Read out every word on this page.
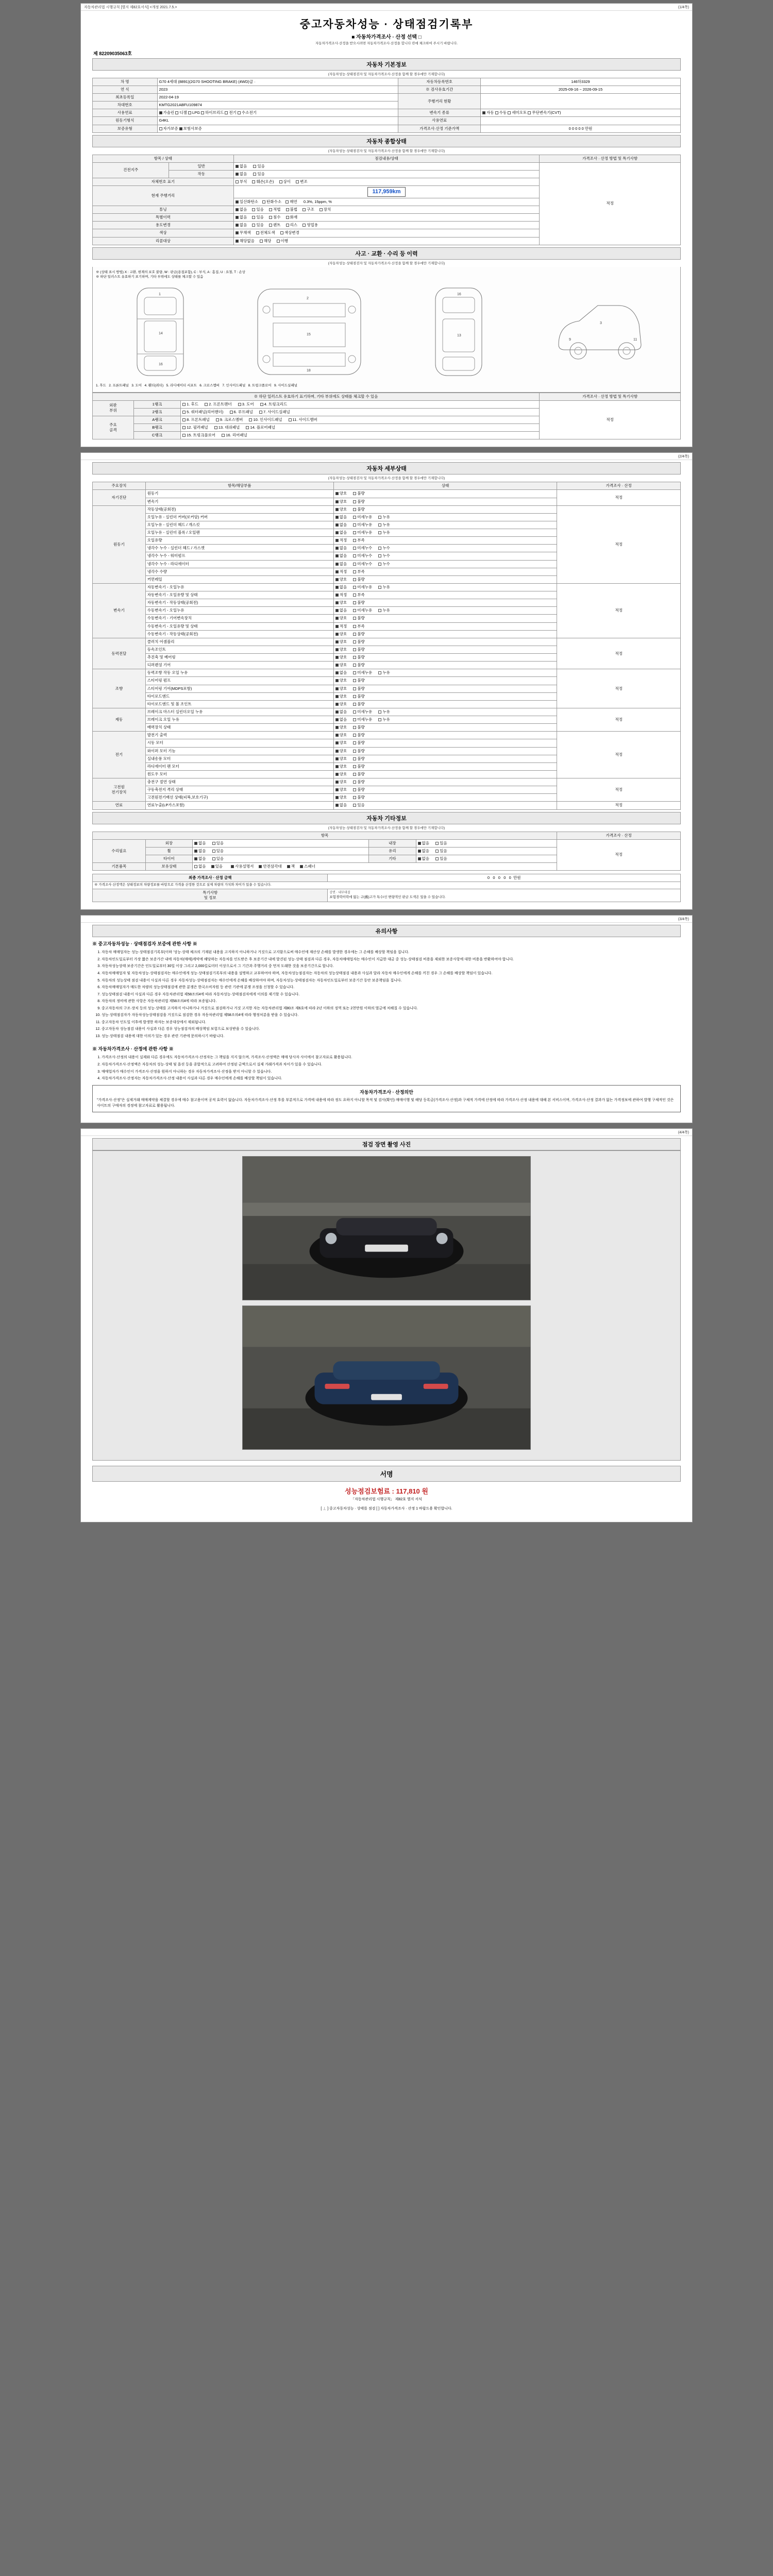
자동차관리법 시행규칙 [별지 제82호서식] <개정 2021.7.5.>	(1/4쪽)
중고자동차성능 · 상태점검기록부
■ 자동차가격조사 · 산정 선택 □
자동차가격조사·산정을 받으시려면 자동차가격조사·산정을 합니다 란에 체크하여 주시기 바랍니다.
제 82209035063호
자동차 기본정보
(자동차성능·상태점검자 및 자동차가격조사·산정을 함께 할 경우에만 기재합니다)
차 명	G70 4세대 (8891)(2G70 SHOOTING BRAKE) (4WD)급 ·	자동차등록번호	146하3329
연 식	2023	※ 검사유효기간	2025-09-16 ~ 2026-09-15
최초등록일	2022-04-19	주행거리 현황	
차대번호	KMTG2021ABFU109874		
사용연료	가솔린 디젤 LPG 하이브리드 전기 수소전기	변속기 종류	자동 수동 세미오토 무단변속기(CVT)
원동기형식	G4KL	사용연료	
보증유형	자가보증 보험사보증	가격조사·산정 기준가액	0 0 0 0 0 만원
자동차 종합상태
(자동차성능·상태점검자 및 자동차가격조사·산정을 함께 할 경우에만 기재합니다)
항목 / 상태		점검내용/상태	가격조사 · 산정 방법 및 특기사항
건전지주	일반	없음 있음	적정
	작동	없음 있음	
자체번호 표기		부식 훼손(오손) 상이 변조	
현재 주행거리		117,959km	
		일산화탄소 탄화수소 매연 0.3%, 15ppm, %	
튜닝		없음 있음 적법 불법 구조 장치	
특별이력		없음 있음 침수 화재	
용도변경		없음 있음 렌트 리스 영업용	
색상		무채색 전체도색 색상변경	
리콜대상		해당없음 해당 이행	
사고 · 교환 · 수리 등 이력
(자동차성능·상태점검자 및 자동차가격조사·산정을 함께 할 경우에만 기재합니다)
※ (상태 표시 방법) X : 교환, 현재의 보호 불량, W : 판금(용접포함), C : 부식, A : 흠집, U : 요철, T : 손상
※ 하단 일러스트 유효하기 표기하며, 기타 부위에도 상태를 체크할 수 있음
1
14
16
2
15
18
16
13
3
9	11
1. 후드 2. 프론트패널 3. 도어 4. 휀더(쿼터) 5. 라디에이터 서포트 6. 크로스멤버 7. 인사이드패널 8. 트렁크플로어 9. 사이드실패널
※ 하단 일러스트 유효하기 표기하며, 기타 부위에도 상태를 체크할 수 있음			가격조사 · 산정 방법 및 특기사항
외판
부위	1랭크	1. 후드 2. 프론트팬더 3. 도어 4. 트렁크리드	적정
	2랭크	5. 쿼터패널(리어팬더) 6. 루프패널 7. 사이드실패널	
주요
골격	A랭크	8. 프론트패널 9. 크로스멤버 10. 인사이드패널 11. 사이드멤버	
	B랭크	12. 필러패널 13. 대쉬패널 14. 플로어패널	
	C랭크	15. 트렁크플로어 16. 리어패널	
(2/4쪽)
자동차 세부상태
(자동차성능·상태점검자 및 자동차가격조사·산정을 함께 할 경우에만 기재합니다)
주요장치	항목/해당부품	상태	가격조사 · 산정
자기진단	원동기	양호 불량	적정
	변속기	양호 불량	
원동기	작동상태(공회전)	양호 불량	적정
	오일누유 - 실린더 커버(로커암) 커버	없음 미세누유 누유	
	오일누유 - 실린더 헤드 / 개스킷	없음 미세누유 누유	
	오일누유 - 실린더 블록 / 오일팬	없음 미세누유 누유	
	오일유량	적정 부족	
	냉각수 누수 - 실린더 헤드 / 가스켓	없음 미세누수 누수	
	냉각수 누수 - 워터펌프	없음 미세누수 누수	
	냉각수 누수 - 라디에이터	없음 미세누수 누수	
	냉각수 수량	적정 부족	
	커먼레일	양호 불량	
변속기	자동변속기 - 오일누유	없음 미세누유 누유	적정
	자동변속기 - 오일유량 및 상태	적정 부족	
	자동변속기 - 작동상태(공회전)	양호 불량	
	수동변속기 - 오일누유	없음 미세누유 누유	
	수동변속기 - 기어변속장치	양호 불량	
	수동변속기 - 오일유량 및 상태	적정 부족	
	수동변속기 - 작동상태(공회전)	양호 불량	
동력전달	클러치 어셈블리	양호 불량	적정
	등속조인트	양호 불량	
	추진축 및 베어링	양호 불량	
	디퍼렌셜 기어	양호 불량	
조향	동력조향 작동 오일 누유	없음 미세누유 누유	적정
	스티어링 펌프	양호 불량	
	스티어링 기어(MDPS포함)	양호 불량	
	타이로드엔드	양호 불량	
	타이로드엔드 및 볼 조인트	양호 불량	
제동	브레이크 마스터 실린더오일 누유	없음 미세누유 누유	적정
	브레이크 오일 누유	없음 미세누유 누유	
	배력장치 상태	양호 불량	
전기	발전기 출력	양호 불량	적정
	시동 모터	양호 불량	
	와이퍼 모터 기능	양호 불량	
	실내송풍 모터	양호 불량	
	라디에이터 팬 모터	양호 불량	
	윈도우 모터	양호 불량	
고전원
전기장치	충전구 절연 상태	양호 불량	적정
	구동축전지 격리 상태	양호 불량	
	고전원전기배선 상태(피복,보호기구)	양호 불량	
연료	연료누출(LP가스포함)	없음 있음	적정
자동차 기타정보
(자동차성능·상태점검자 및 자동차가격조사·산정을 함께 할 경우에만 기재합니다)
항목					가격조사 · 산정
수리필요	외장	없음 있음	내장	없음 있음	적정
	휠	없음 있음	유리	없음 있음	
	타이어	없음 있음	기타	없음 있음	
기본품목	보유상태	없음 있음 사용설명서 안전삼각대 잭 스패너			
최종 가격조사 · 산정 금액	0 0 0 0 0 만원
※ 가격조사·산정액은 상태정보의 차량정보를 바탕으로 가격을 산정한 것으로 실제 차량의 가치와 차이가 있을 수 있습니다.	
특기사항
및 정보	
감면 · 내부대결
보험경력이력에 없는 구(舊)고가 특수/신 변량적인 판금 도색은 있을 수 있습니다.
(3/4쪽)
유의사항
※ 중고자동차성능 · 상태점검자 보증에 관한 사항 ※
1. 자동차 매매업자는 성능·상태점검기록부(이하 '성능·상태 체크의 기재된 내용을 고지하지 아니하거나 거짓으로 고지함으로써 매수인에 재산상 손해를 발생한 경우에는 그 손해를 배상할 책임을 집니다.
2. 자동차인도일로부터 가장 짧은 보증가간 내에 자동차(매매)계약에 해당하는 자동차를 인도받은 후 보증기간 내에 발견된 성능·상태 점검과 다른 경우, 자동차매매업자는 매수인이 지급한 대금 중 성능·상태점검 비용을 제외한 보증사항에 대한 비용을 반환하여야 합니다.
3. 자동차성능상태 보증기간은 인도일로부터 30일 이상 그리고 2,000킬로미터 이상으로서 그 기간과 주행거리 중 먼저 도래한 것을 보증기간으로 합니다.
4. 자동차매매업자 및 자동차성능·상태점검자는 매수인에게 성능·상태점검기록부의 내용을 설명하고 교부하여야 하며, 자동차성능점검자는 자동차의 성능상태점검 내용과 사실과 달라 자동차 매수인에게 손해를 끼친 경우 그 손해를 배상할 책임이 있습니다.
5. 자동차의 성능상태 점검 내용이 사실과 다른 경우 자동차성능·상태점검자는 매수인에게 손해를 배상하여야 하며, 자동차성능·상태점검자는 자동차인도일로부터 보증기간 동안 보증책임을 집니다.
6. 자동차매매업자가 매도한 차량의 성능상태점검에 관한 분쟁은 한국소비자원 등 관련 기관에 분쟁 조정을 신청할 수 있습니다.
7. 성능상태점검 내용이 사실과 다른 경우 자동차관리법 제58조의4에 따라 자동차성능·상태점검자에게 이의를 제기할 수 있습니다.
8. 자동차의 정비에 관한 사항은 자동차관리법 제58조의4에 따라 보증됩니다.
9. 중고자동차의 구조·장치 등의 성능·상태를 고지하지 아니하거나 거짓으로 점검하거나 거짓 고지한 자는 자동차관리법 제80조 제6호에 따라 2년 이하의 징역 또는 2천만원 이하의 벌금에 처해질 수 있습니다.
10. 성능·상태점검자가 자동차성능상태점검을 거짓으로 점검한 경우 자동차관리법 제58조의4에 따라 행정처분을 받을 수 있습니다.
11. 중고자동차 인도일 이후에 발생한 하자는 보증대상에서 제외됩니다.
12. 중고자동차 성능점검 내용이 사실과 다른 경우 성능점검자의 배상책임 보험으로 보상받을 수 있습니다.
13. 성능·상태점검 내용에 대한 이의가 있는 경우 관련 기관에 문의하시기 바랍니다.
※ 자동차가격조사 · 산정에 관한 사항 ※
1. 가격조사·산정의 내용이 실제와 다른 경우에도 자동차가격조사·산정자는 그 책임을 지지 않으며, 가격조사·산정액은 매매 당사자 사이에서 참고자료로 활용됩니다.
2. 자동차가격조사·산정액은 자동차의 성능·상태 및 옵션 등을 종합적으로 고려하여 산정된 금액으로서 실제 거래가격과 차이가 있을 수 있습니다.
3. 매매업자가 매수인이 가격조사·산정을 원하지 아니하는 경우 자동차가격조사·산정을 받지 아니할 수 있습니다.
4. 자동차가격조사·산정자는 자동차가격조사·산정 내용이 사실과 다른 경우 매수인에게 손해를 배상할 책임이 있습니다.
자동차가격조사 · 산정의안
"가격조사·산정"은 실제거래 매매계약을 체결할 경우에 매수 참고용이며 공적 효력이 없습니다. 자동차가격조사·산정 후를 부분적으로 가격에 내용에 따라 정도 요하지 아니할 목적 및 검사(확인)·매매이행 및 해당 등록금(가격조사·산정)과 구체적 가격에 산정에 따라 가격조사·산정 내용에 대해 본 서비스이며, 가격조사·산정 결과가 없는 가격정보에 관하여 발행 구체적인 것은 사이트의 구매자의 경정에 참고자료로 활용됩니다.
(4/4쪽)
점검 장면 촬영 사진
서명
성능점검보험료 : 117,810 원
「자동차관리법 시행규칙」 제82호 별지 서식
[ ⊥ ] 중고자동차성능 · 상태를 점검 [ ] 자동차가격조사 · 산정 1 바랍드용 확인합니다.
